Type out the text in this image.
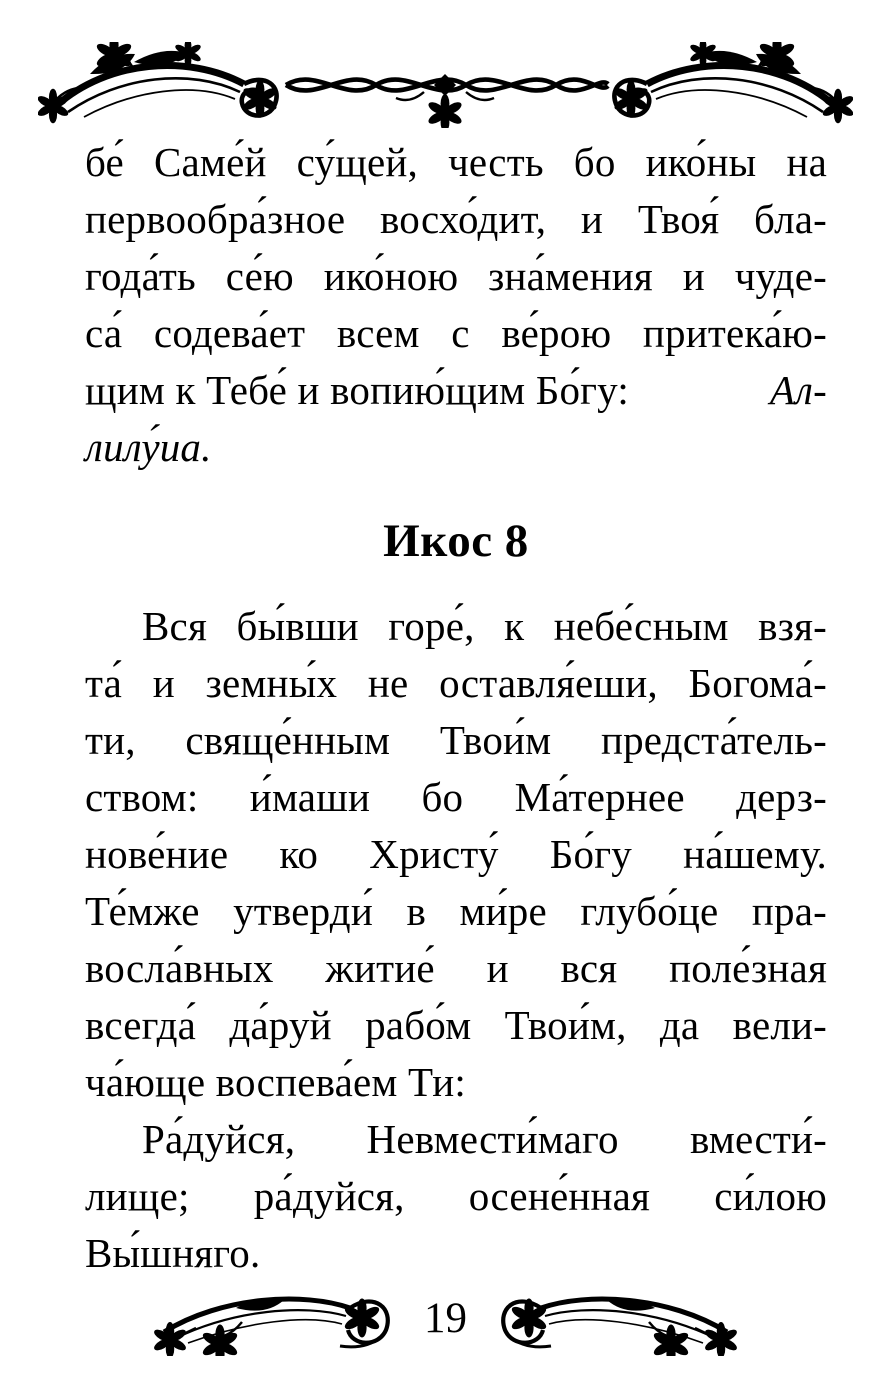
бе́ Саме́й су́щей, честь бо ико́ны на

первообра́зное восхо́дит, и Твоя́ бла-

года́ть се́ю ико́ною зна́мения и чуде-

са́ содева́ет всем с ве́рою притека́ю-

щим к Тебе́ и вопию́щим Бо́гу:	Ал-

лилу́иа.

Икос 8

Вся бы́вши горе́, к небе́сным взя-

та́ и земны́х не оставля́еши, Богома́-

ти, свяще́нным Твои́м предста́тель-

ством: и́маши бо Ма́тернее дерз-

нове́ние ко Христу́ Бо́гу на́шему.

Те́мже утверди́ в ми́ре глубо́це пра-

восла́вных житие́ и вся поле́зная

всегда́ да́руй рабо́м Твои́м, да вели-

ча́юще воспева́ем Ти:

Ра́дуйся, Невмести́маго вмести́-

лище; ра́дуйся, осене́нная си́лою

Вы́шняго.

19
